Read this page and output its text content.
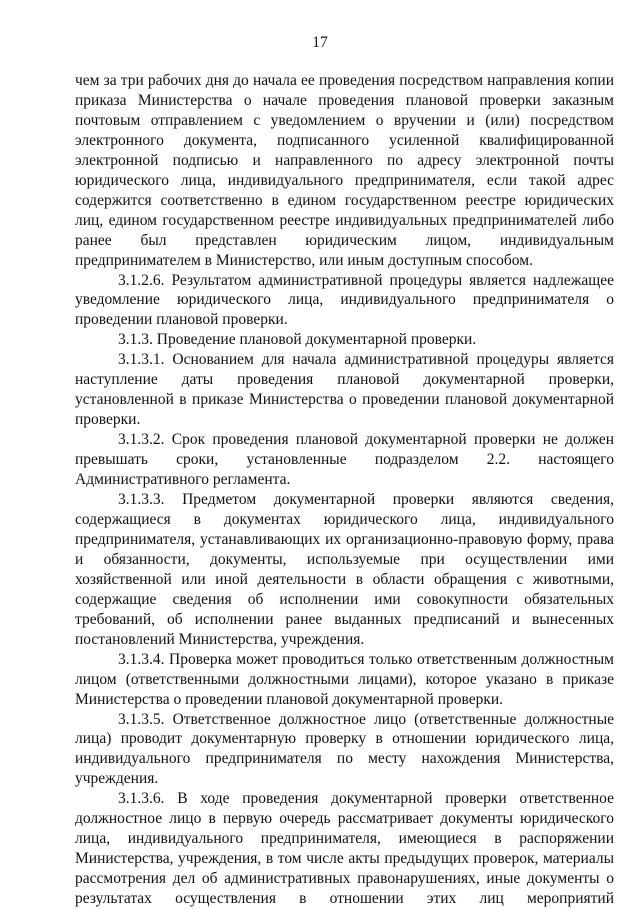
17

чем за три рабочих дня до начала ее проведения посредством направления копии приказа Министерства о начале проведения плановой проверки заказным почтовым отправлением с уведомлением о вручении и (или) посредством электронного документа, подписанного усиленной квалифицированной электронной подписью и направленного по адресу электронной почты юридического лица, индивидуального предпринимателя, если такой адрес содержится соответственно в едином государственном реестре юридических лиц, едином государственном реестре индивидуальных предпринимателей либо ранее был представлен юридическим лицом, индивидуальным предпринимателем в Министерство, или иным доступным способом.

3.1.2.6. Результатом административной процедуры является надлежащее уведомление юридического лица, индивидуального предпринимателя о проведении плановой проверки.

3.1.3. Проведение плановой документарной проверки.

3.1.3.1. Основанием для начала административной процедуры является наступление даты проведения плановой документарной проверки, установленной в приказе Министерства о проведении плановой документарной проверки.

3.1.3.2. Срок проведения плановой документарной проверки не должен превышать сроки, установленные подразделом 2.2. настоящего Административного регламента.

3.1.3.3. Предметом документарной проверки являются сведения, содержащиеся в документах юридического лица, индивидуального предпринимателя, устанавливающих их организационно-правовую форму, права и обязанности, документы, используемые при осуществлении ими хозяйственной или иной деятельности в области обращения с животными, содержащие сведения об исполнении ими совокупности обязательных требований, об исполнении ранее выданных предписаний и вынесенных постановлений Министерства, учреждения.

3.1.3.4. Проверка может проводиться только ответственным должностным лицом (ответственными должностными лицами), которое указано в приказе Министерства о проведении плановой документарной проверки.

3.1.3.5. Ответственное должностное лицо (ответственные должностные лица) проводит документарную проверку в отношении юридического лица, индивидуального предпринимателя по месту нахождения Министерства, учреждения.

3.1.3.6. В ходе проведения документарной проверки ответственное должностное лицо в первую очередь рассматривает документы юридического лица, индивидуального предпринимателя, имеющиеся в распоряжении Министерства, учреждения, в том числе акты предыдущих проверок, материалы рассмотрения дел об административных правонарушениях, иные документы о результатах осуществления в отношении этих лиц мероприятий
